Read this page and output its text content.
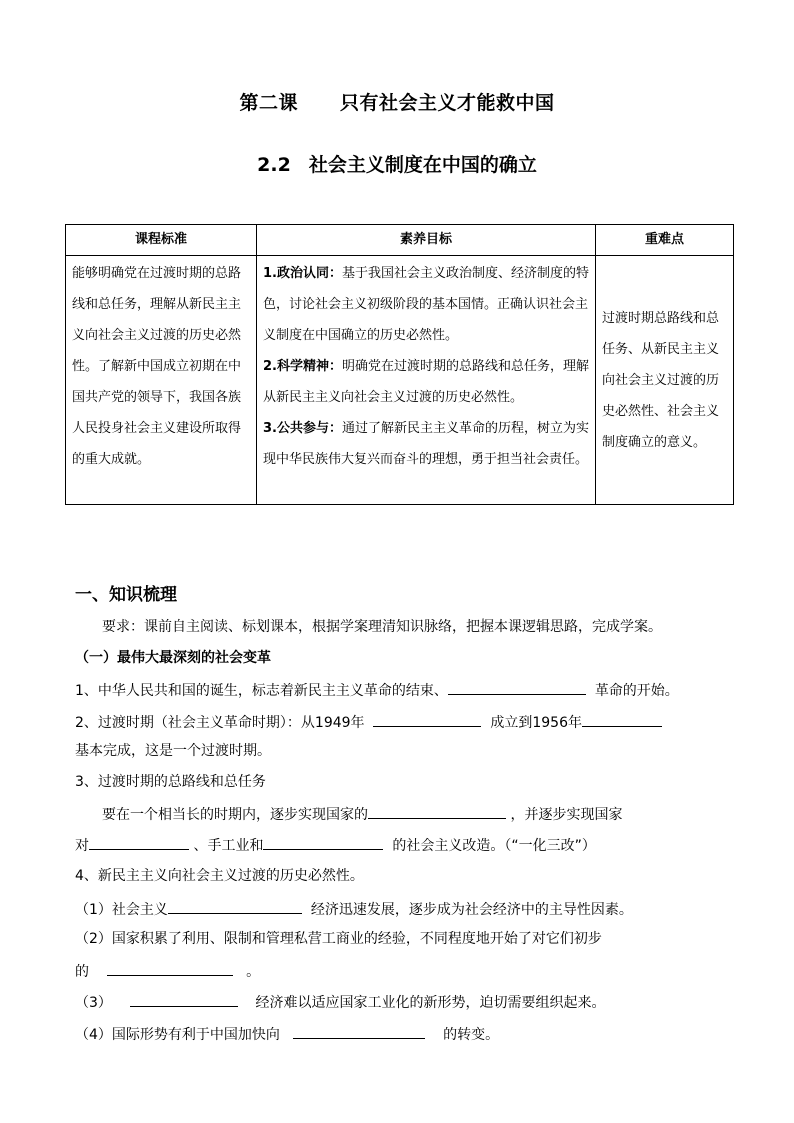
第二课 只有社会主义才能救中国
2.2 社会主义制度在中国的确立
课程标准	素养目标	重难点
能够明确党在过渡时期的总路线和总任务，理解从新民主主义向社会主义过渡的历史必然性。了解新中国成立初期在中国共产党的领导下，我国各族人民投身社会主义建设所取得的重大成就。	1.政治认同：基于我国社会主义政治制度、经济制度的特色，讨论社会主义初级阶段的基本国情。正确认识社会主义制度在中国确立的历史必然性。
2.科学精神：明确党在过渡时期的总路线和总任务，理解从新民主主义向社会主义过渡的历史必然性。
3.公共参与：通过了解新民主主义革命的历程，树立为实现中华民族伟大复兴而奋斗的理想，勇于担当社会责任。	过渡时期总路线和总任务、从新民主主义向社会主义过渡的历史必然性、社会主义制度确立的意义。
一、知识梳理
要求：课前自主阅读、标划课本，根据学案理清知识脉络，把握本课逻辑思路，完成学案。
（一）最伟大最深刻的社会变革
1、中华人民共和国的诞生，标志着新民主主义革命的结束、	革命的开始。
2、过渡时期（社会主义革命时期）：从1949年	成立到1956年
基本完成，这是一个过渡时期。
3、过渡时期的总路线和总任务
要在一个相当长的时期内，逐步实现国家的	，并逐步实现国家
对	、手工业和	的社会主义改造。（“一化三改”）
4、新民主主义向社会主义过渡的历史必然性。
（1）社会主义	经济迅速发展，逐步成为社会经济中的主导性因素。
（2）国家积累了利用、限制和管理私营工商业的经验，不同程度地开始了对它们初步
的	。
（3）	经济难以适应国家工业化的新形势，迫切需要组织起来。
（4）国际形势有利于中国加快向	的转变。
